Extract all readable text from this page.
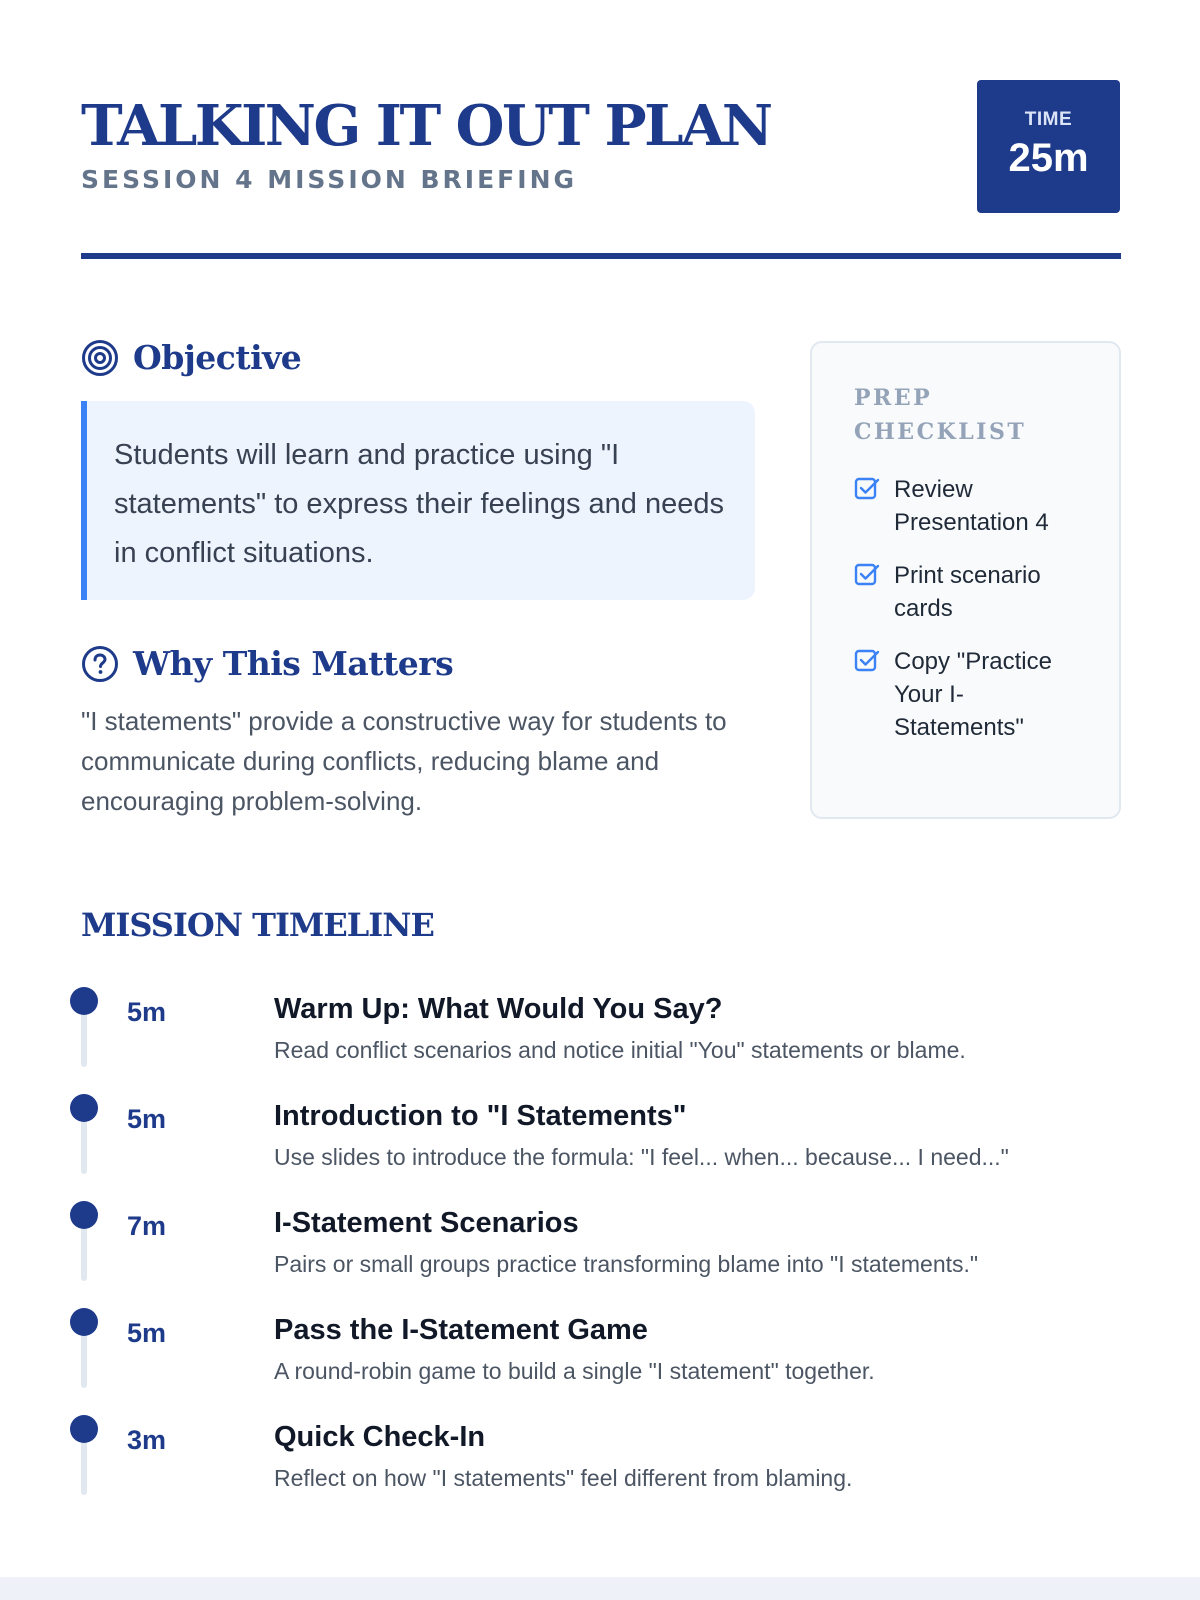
TALKING IT OUT PLAN
SESSION 4 MISSION BRIEFING
TIME
25m
Objective
Students will learn and practice using "I statements" to express their feelings and needs in conflict situations.
Why This Matters
"I statements" provide a constructive way for students to communicate during conflicts, reducing blame and encouraging problem-solving.
PREP CHECKLIST
Review Presentation 4
Print scenario cards
Copy "Practice Your I-Statements"
MISSION TIMELINE
5m	Warm Up: What Would You Say?
Read conflict scenarios and notice initial "You" statements or blame.
5m	Introduction to "I Statements"
Use slides to introduce the formula: "I feel... when... because... I need..."
7m	I-Statement Scenarios
Pairs or small groups practice transforming blame into "I statements."
5m	Pass the I-Statement Game
A round-robin game to build a single "I statement" together.
3m	Quick Check-In
Reflect on how "I statements" feel different from blaming.
